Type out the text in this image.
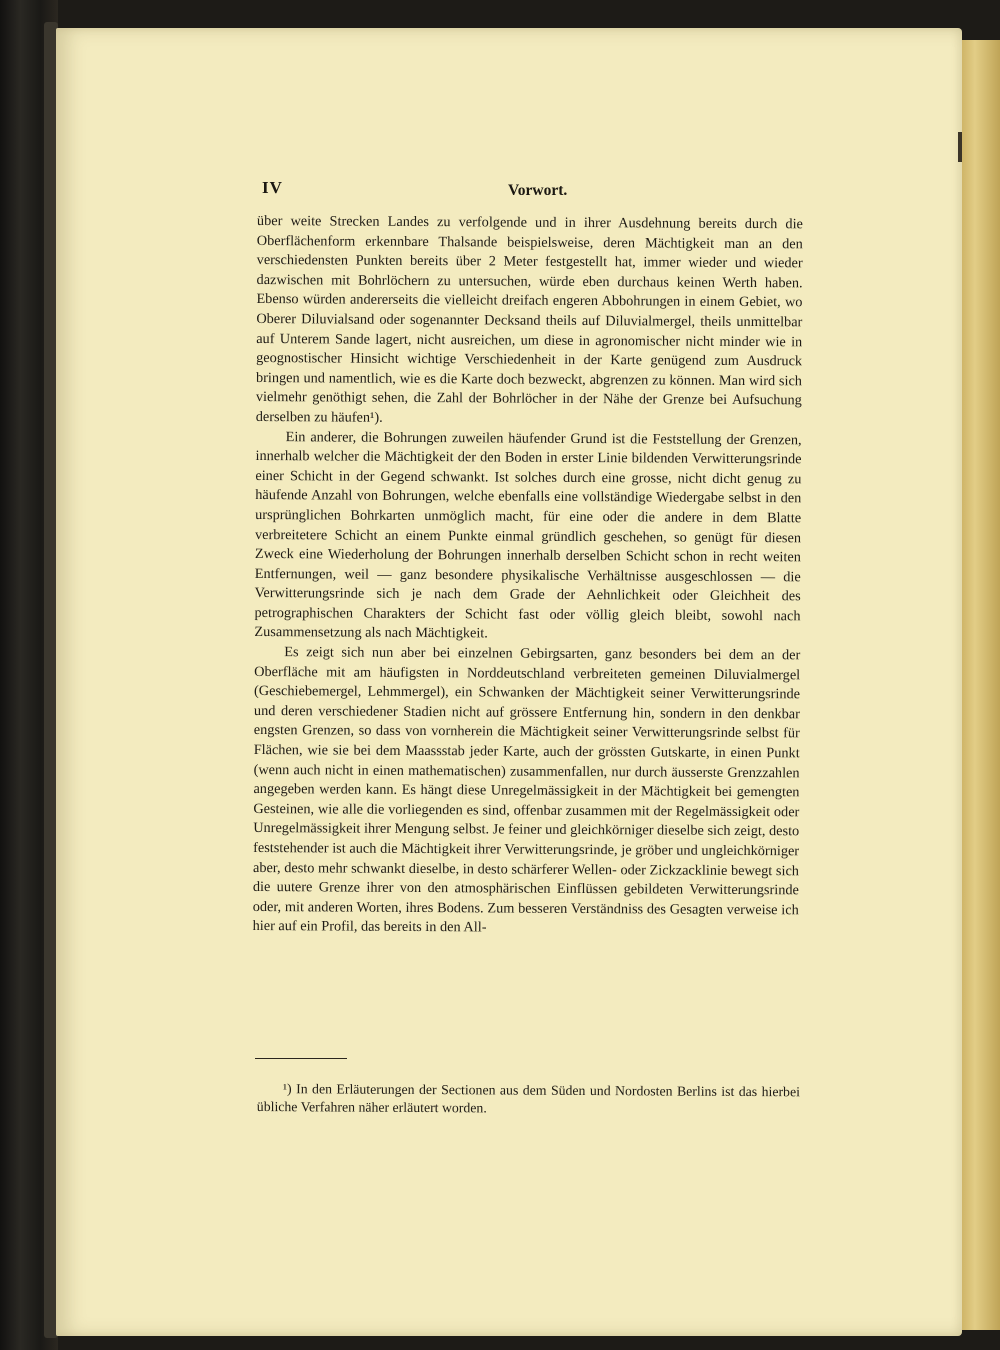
IV	Vorwort.

über weite Strecken Landes zu verfolgende und in ihrer Ausdehnung bereits durch die Oberflächenform erkennbare Thalsande beispielsweise, deren Mächtigkeit man an den verschiedensten Punkten bereits über 2 Meter festgestellt hat, immer wieder und wieder dazwischen mit Bohrlöchern zu untersuchen, würde eben durchaus keinen Werth haben. Ebenso würden andererseits die vielleicht dreifach engeren Abbohrungen in einem Gebiet, wo Oberer Diluvialsand oder sogenannter Decksand theils auf Diluvialmergel, theils unmittelbar auf Unterem Sande lagert, nicht ausreichen, um diese in agronomischer nicht minder wie in geognostischer Hinsicht wichtige Verschiedenheit in der Karte genügend zum Ausdruck bringen und namentlich, wie es die Karte doch bezweckt, abgrenzen zu können. Man wird sich vielmehr genöthigt sehen, die Zahl der Bohrlöcher in der Nähe der Grenze bei Aufsuchung derselben zu häufen¹).

Ein anderer, die Bohrungen zuweilen häufender Grund ist die Feststellung der Grenzen, innerhalb welcher die Mächtigkeit der den Boden in erster Linie bildenden Verwitterungsrinde einer Schicht in der Gegend schwankt. Ist solches durch eine grosse, nicht dicht genug zu häufende Anzahl von Bohrungen, welche ebenfalls eine vollständige Wiedergabe selbst in den ursprünglichen Bohrkarten unmöglich macht, für eine oder die andere in dem Blatte verbreitetere Schicht an einem Punkte einmal gründlich geschehen, so genügt für diesen Zweck eine Wiederholung der Bohrungen innerhalb derselben Schicht schon in recht weiten Entfernungen, weil — ganz besondere physikalische Verhältnisse ausgeschlossen — die Verwitterungsrinde sich je nach dem Grade der Aehnlichkeit oder Gleichheit des petrographischen Charakters der Schicht fast oder völlig gleich bleibt, sowohl nach Zusammensetzung als nach Mächtigkeit.

Es zeigt sich nun aber bei einzelnen Gebirgsarten, ganz besonders bei dem an der Oberfläche mit am häufigsten in Norddeutschland verbreiteten gemeinen Diluvialmergel (Geschiebemergel, Lehmmergel), ein Schwanken der Mächtigkeit seiner Verwitterungsrinde und deren verschiedener Stadien nicht auf grössere Entfernung hin, sondern in den denkbar engsten Grenzen, so dass von vornherein die Mächtigkeit seiner Verwitterungsrinde selbst für Flächen, wie sie bei dem Maassstab jeder Karte, auch der grössten Gutskarte, in einen Punkt (wenn auch nicht in einen mathematischen) zusammenfallen, nur durch äusserste Grenzzahlen angegeben werden kann. Es hängt diese Unregelmässigkeit in der Mächtigkeit bei gemengten Gesteinen, wie alle die vorliegenden es sind, offenbar zusammen mit der Regelmässigkeit oder Unregelmässigkeit ihrer Mengung selbst. Je feiner und gleichkörniger dieselbe sich zeigt, desto feststehender ist auch die Mächtigkeit ihrer Verwitterungsrinde, je gröber und ungleichkörniger aber, desto mehr schwankt dieselbe, in desto schärferer Wellen- oder Zickzacklinie bewegt sich die uutere Grenze ihrer von den atmosphärischen Einflüssen gebildeten Verwitterungsrinde oder, mit anderen Worten, ihres Bodens. Zum besseren Verständniss des Gesagten verweise ich hier auf ein Profil, das bereits in den All-

¹) In den Erläuterungen der Sectionen aus dem Süden und Nordosten Berlins ist das hierbei übliche Verfahren näher erläutert worden.
